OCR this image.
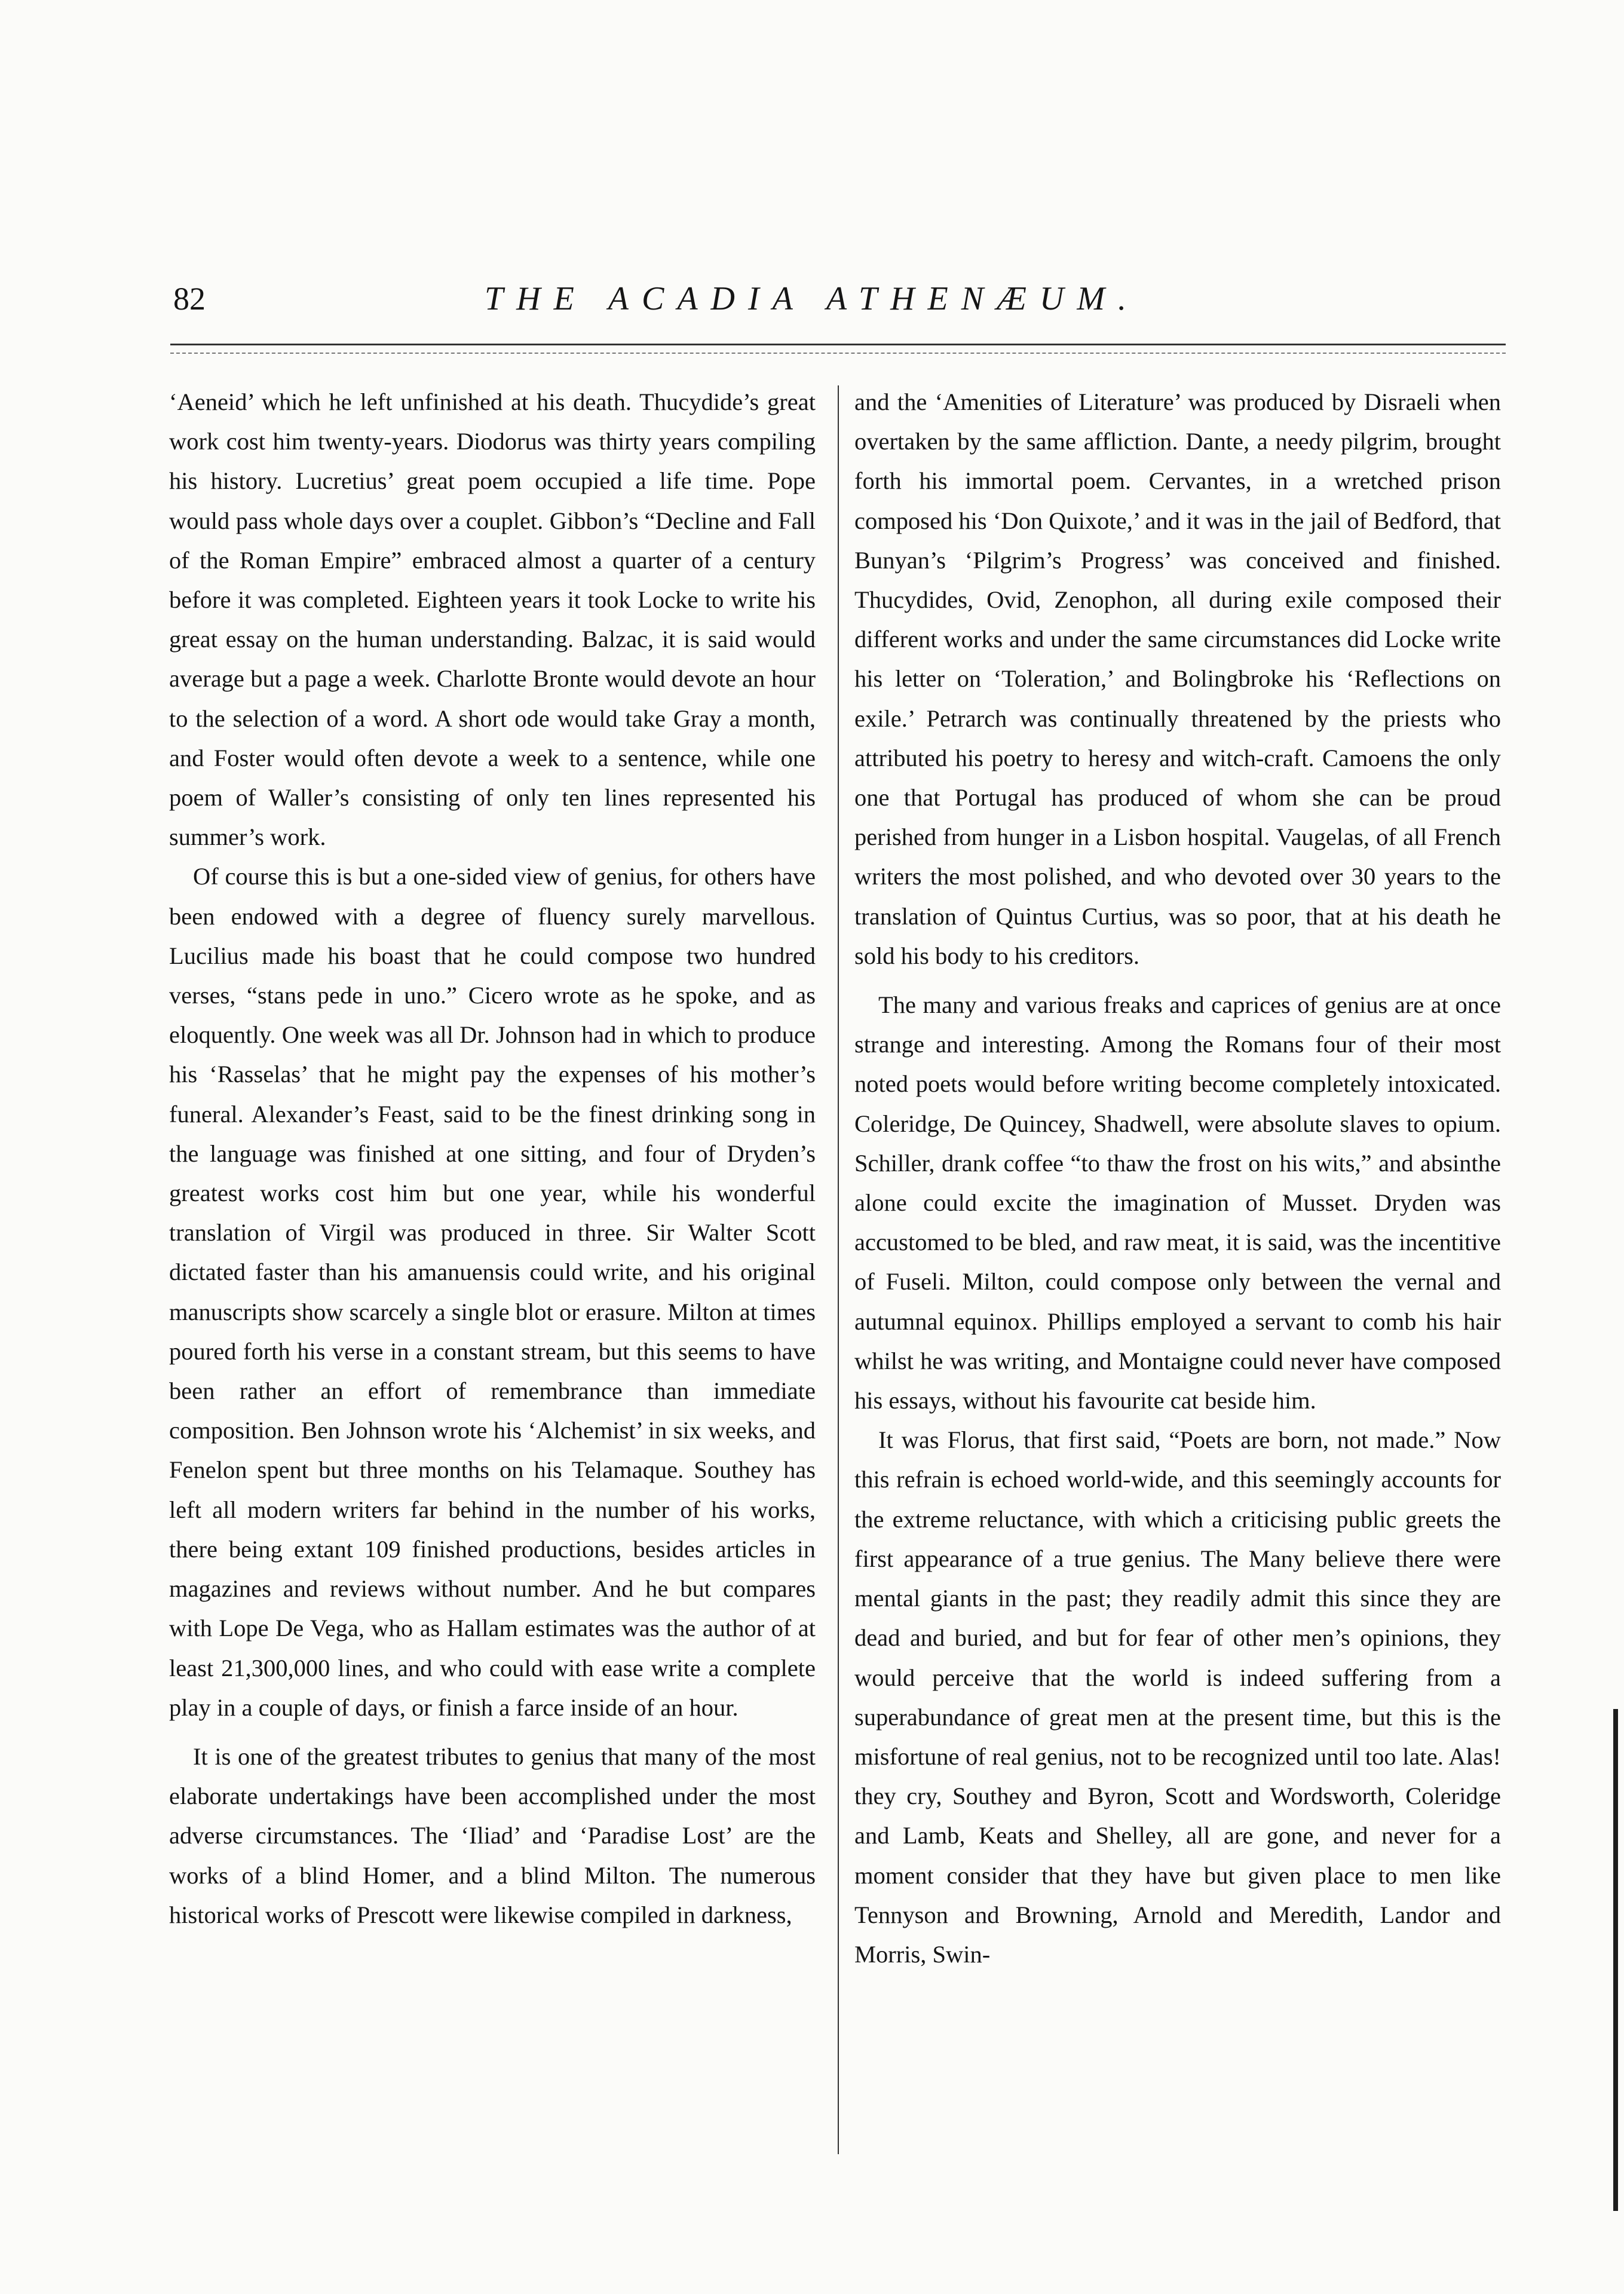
82	THE ACADIA ATHENÆUM.

‘Aeneid’ which he left unfinished at his death. Thucydide’s great work cost him twenty-years. Diodorus was thirty years compiling his history. Lucretius’ great poem occupied a life time. Pope would pass whole days over a couplet. Gibbon’s “Decline and Fall of the Roman Empire” embraced almost a quarter of a century before it was completed. Eighteen years it took Locke to write his great essay on the human understanding. Balzac, it is said would average but a page a week. Charlotte Bronte would devote an hour to the selection of a word. A short ode would take Gray a month, and Foster would often devote a week to a sentence, while one poem of Waller’s consisting of only ten lines represented his summer’s work.

Of course this is but a one-sided view of genius, for others have been endowed with a degree of fluency surely marvellous. Lucilius made his boast that he could compose two hundred verses, “stans pede in uno.” Cicero wrote as he spoke, and as eloquently. One week was all Dr. Johnson had in which to produce his ‘Rasselas’ that he might pay the expenses of his mother’s funeral. Alexander’s Feast, said to be the finest drinking song in the language was finished at one sitting, and four of Dryden’s greatest works cost him but one year, while his wonderful translation of Virgil was produced in three. Sir Walter Scott dictated faster than his amanuensis could write, and his original manuscripts show scarcely a single blot or erasure. Milton at times poured forth his verse in a constant stream, but this seems to have been rather an effort of remembrance than immediate composition. Ben Johnson wrote his ‘Alchemist’ in six weeks, and Fenelon spent but three months on his Telamaque. Southey has left all modern writers far behind in the number of his works, there being extant 109 finished productions, besides articles in magazines and reviews without number. And he but compares with Lope De Vega, who as Hallam estimates was the author of at least 21,300,000 lines, and who could with ease write a complete play in a couple of days, or finish a farce inside of an hour.

It is one of the greatest tributes to genius that many of the most elaborate undertakings have been accomplished under the most adverse circumstances. The ‘Iliad’ and ‘Paradise Lost’ are the works of a blind Homer, and a blind Milton. The numerous historical works of Prescott were likewise compiled in darkness,

and the ‘Amenities of Literature’ was produced by Disraeli when overtaken by the same affliction. Dante, a needy pilgrim, brought forth his immortal poem. Cervantes, in a wretched prison composed his ‘Don Quixote,’ and it was in the jail of Bedford, that Bunyan’s ‘Pilgrim’s Progress’ was conceived and finished. Thucydides, Ovid, Zenophon, all during exile composed their different works and under the same circumstances did Locke write his letter on ‘Toleration,’ and Bolingbroke his ‘Reflections on exile.’ Petrarch was continually threatened by the priests who attributed his poetry to heresy and witch-craft. Camoens the only one that Portugal has produced of whom she can be proud perished from hunger in a Lisbon hospital. Vaugelas, of all French writers the most polished, and who devoted over 30 years to the translation of Quintus Curtius, was so poor, that at his death he sold his body to his creditors.

The many and various freaks and caprices of genius are at once strange and interesting. Among the Romans four of their most noted poets would before writing become completely intoxicated. Coleridge, De Quincey, Shadwell, were absolute slaves to opium. Schiller, drank coffee “to thaw the frost on his wits,” and absinthe alone could excite the imagination of Musset. Dryden was accustomed to be bled, and raw meat, it is said, was the incentitive of Fuseli. Milton, could compose only between the vernal and autumnal equinox. Phillips employed a servant to comb his hair whilst he was writing, and Montaigne could never have composed his essays, without his favourite cat beside him.

It was Florus, that first said, “Poets are born, not made.” Now this refrain is echoed world-wide, and this seemingly accounts for the extreme reluctance, with which a criticising public greets the first appearance of a true genius. The Many believe there were mental giants in the past; they readily admit this since they are dead and buried, and but for fear of other men’s opinions, they would perceive that the world is indeed suffering from a superabundance of great men at the present time, but this is the misfortune of real genius, not to be recognized until too late. Alas! they cry, Southey and Byron, Scott and Wordsworth, Coleridge and Lamb, Keats and Shelley, all are gone, and never for a moment consider that they have but given place to men like Tennyson and Browning, Arnold and Meredith, Landor and Morris, Swin-
